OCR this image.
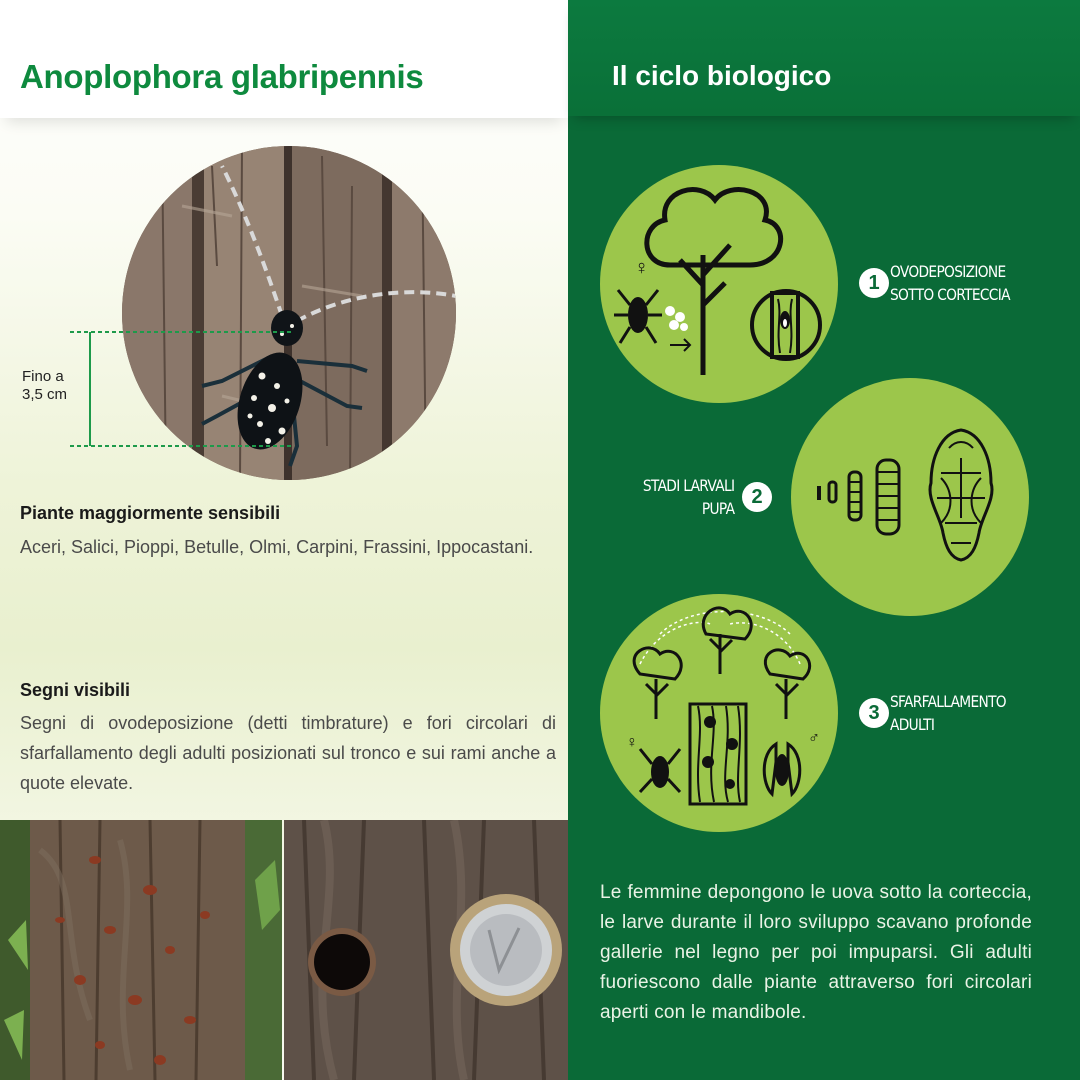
Anoplophora glabripennis
Fino a
3,5 cm
Piante maggiormente sensibili
Aceri, Salici, Pioppi, Betulle, Olmi, Carpini, Frassini, Ippocastani.
Segni visibili
Segni di ovodeposizione (detti timbrature) e fori circolari di sfarfallamento degli adulti posizionati sul tronco e sui rami anche a quote elevate.
Il ciclo biologico
♀
1
OVODEPOSIZIONE
SOTTO CORTECCIA
2
STADI LARVALI
PUPA
♀	♂
3
SFARFALLAMENTO
ADULTI
Le femmine depongono le uova sotto la corteccia, le larve durante il loro sviluppo scavano profonde gallerie nel legno per poi impuparsi. Gli adulti fuoriescono dalle piante attraverso fori circolari aperti con le mandibole.
